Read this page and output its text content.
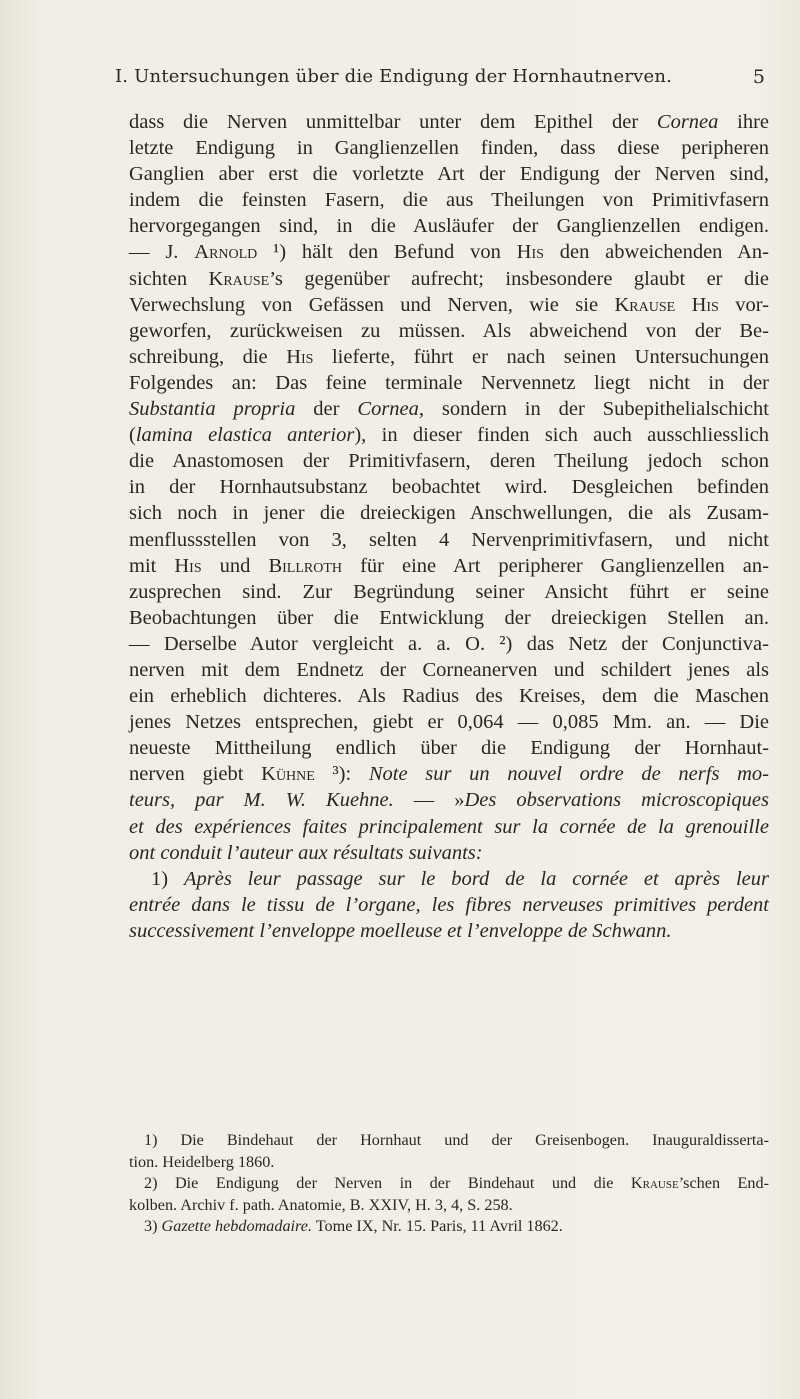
I. Untersuchungen über die Endigung der Hornhautnerven.	5
dass die Nerven unmittelbar unter dem Epithel der Cornea ihre
letzte Endigung in Ganglienzellen finden, dass diese peripheren
Ganglien aber erst die vorletzte Art der Endigung der Nerven sind,
indem die feinsten Fasern, die aus Theilungen von Primitivfasern
hervorgegangen sind, in die Ausläufer der Ganglienzellen endigen.
— J. Arnold ¹) hält den Befund von His den abweichenden An-
sichten Krause’s gegenüber aufrecht; insbesondere glaubt er die
Verwechslung von Gefässen und Nerven, wie sie Krause His vor-
geworfen, zurückweisen zu müssen. Als abweichend von der Be-
schreibung, die His lieferte, führt er nach seinen Untersuchungen
Folgendes an: Das feine terminale Nervennetz liegt nicht in der
Substantia propria der Cornea, sondern in der Subepithelialschicht
(lamina elastica anterior), in dieser finden sich auch ausschliesslich
die Anastomosen der Primitivfasern, deren Theilung jedoch schon
in der Hornhautsubstanz beobachtet wird. Desgleichen befinden
sich noch in jener die dreieckigen Anschwellungen, die als Zusam-
menflussstellen von 3, selten 4 Nervenprimitivfasern, und nicht
mit His und Billroth für eine Art peripherer Ganglienzellen an-
zusprechen sind. Zur Begründung seiner Ansicht führt er seine
Beobachtungen über die Entwicklung der dreieckigen Stellen an.
— Derselbe Autor vergleicht a. a. O. ²) das Netz der Conjunctiva-
nerven mit dem Endnetz der Corneanerven und schildert jenes als
ein erheblich dichteres. Als Radius des Kreises, dem die Maschen
jenes Netzes entsprechen, giebt er 0,064 — 0,085 Mm. an. — Die
neueste Mittheilung endlich über die Endigung der Hornhaut-
nerven giebt Kühne ³): Note sur un nouvel ordre de nerfs mo-
teurs, par M. W. Kuehne. — »Des observations microscopiques
et des expériences faites principalement sur la cornée de la grenouille
ont conduit l’auteur aux résultats suivants:
1) Après leur passage sur le bord de la cornée et après leur
entrée dans le tissu de l’organe, les fibres nerveuses primitives perdent
successivement l’enveloppe moelleuse et l’enveloppe de Schwann.
1) Die Bindehaut der Hornhaut und der Greisenbogen. Inauguraldisserta-
tion. Heidelberg 1860.
2) Die Endigung der Nerven in der Bindehaut und die Krause’schen End-
kolben. Archiv f. path. Anatomie, B. XXIV, H. 3, 4, S. 258.
3) Gazette hebdomadaire. Tome IX, Nr. 15. Paris, 11 Avril 1862.
